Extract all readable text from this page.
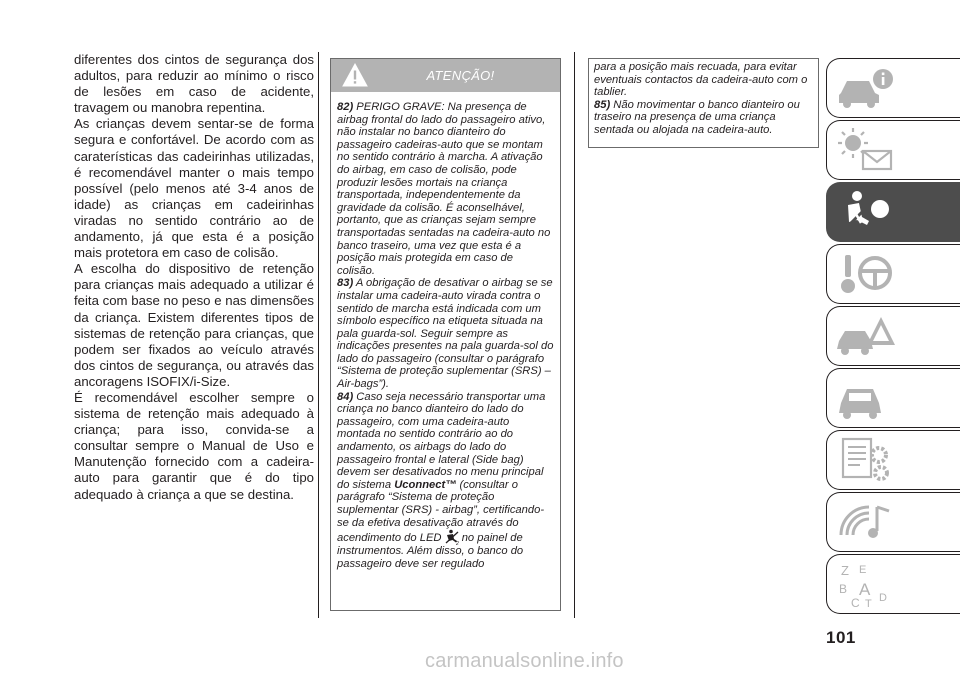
diferentes dos cintos de segurança dos adultos, para reduzir ao mínimo o risco de lesões em caso de acidente, travagem ou manobra repentina.

As crianças devem sentar-se de forma segura e confortável. De acordo com as caraterísticas das cadeirinhas utilizadas, é recomendável manter o mais tempo possível (pelo menos até 3-4 anos de idade) as crianças em cadeirinhas viradas no sentido contrário ao de andamento, já que esta é a posição mais protetora em caso de colisão.

A escolha do dispositivo de retenção para crianças mais adequado a utilizar é feita com base no peso e nas dimensões da criança. Existem diferentes tipos de sistemas de retenção para crianças, que podem ser fixados ao veículo através dos cintos de segurança, ou através das ancoragens ISOFIX/i-Size.

É recomendável escolher sempre o sistema de retenção mais adequado à criança; para isso, convida-se a consultar sempre o Manual de Uso e Manutenção fornecido com a cadeira-auto para garantir que é do tipo adequado à criança a que se destina.

ATENÇÃO!

82) PERIGO GRAVE: Na presença de airbag frontal do lado do passageiro ativo, não instalar no banco dianteiro do passageiro cadeiras-auto que se montam no sentido contrário à marcha. A ativação do airbag, em caso de colisão, pode produzir lesões mortais na criança transportada, independentemente da gravidade da colisão. É aconselhável, portanto, que as crianças sejam sempre transportadas sentadas na cadeira-auto no banco traseiro, uma vez que esta é a posição mais protegida em caso de colisão.

83) A obrigação de desativar o airbag se se instalar uma cadeira-auto virada contra o sentido de marcha está indicada com um símbolo específico na etiqueta situada na pala guarda-sol. Seguir sempre as indicações presentes na pala guarda-sol do lado do passageiro (consultar o parágrafo “Sistema de proteção suplementar (SRS) – Air-bags”).

84) Caso seja necessário transportar uma criança no banco dianteiro do lado do passageiro, com uma cadeira-auto montada no sentido contrário ao do andamento, os airbags do lado do passageiro frontal e lateral (Side bag) devem ser desativados no menu principal do sistema Uconnect™ (consultar o parágrafo “Sistema de proteção suplementar (SRS) - airbag”, certificando-se da efetiva desativação através do acendimento do LED 2 no painel de instrumentos. Além disso, o banco do passageiro deve ser regulado

para a posição mais recuada, para evitar eventuais contactos da cadeira-auto com o tablier.

85) Não movimentar o banco dianteiro ou traseiro na presença de uma criança sentada ou alojada na cadeira-auto.

Z E
B A
C T D
101
carmanualsonline.info
